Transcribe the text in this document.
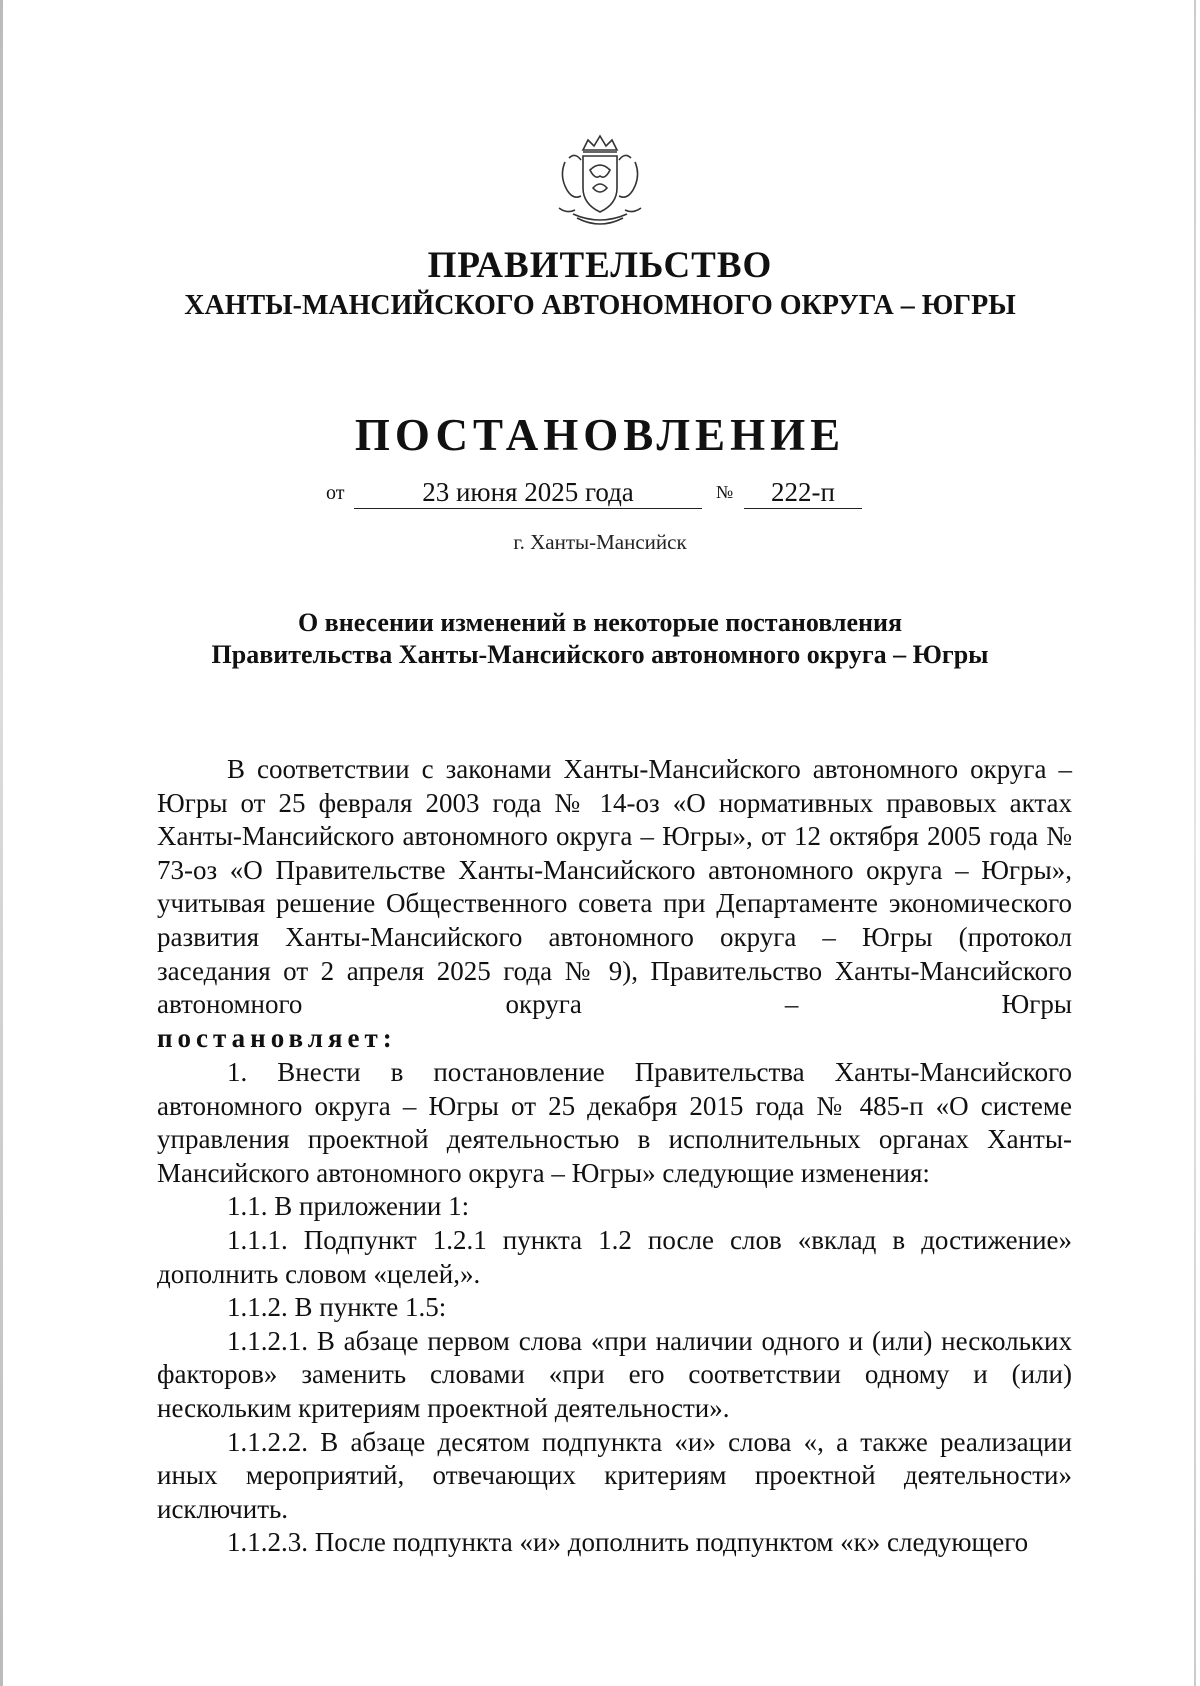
ПРАВИТЕЛЬСТВО
ХАНТЫ-МАНСИЙСКОГО АВТОНОМНОГО ОКРУГА – ЮГРЫ
ПОСТАНОВЛЕНИЕ
от	23 июня 2025 года	№	222-п
г. Ханты-Мансийск
О внесении изменений в некоторые постановления
Правительства Ханты-Мансийского автономного округа – Югры

В соответствии с законами Ханты-Мансийского автономного округа – Югры от 25 февраля 2003 года № 14-оз «О нормативных правовых актах Ханты-Мансийского автономного округа – Югры», от 12 октября 2005 года № 73-оз «О Правительстве Ханты-Мансийского автономного округа – Югры», учитывая решение Общественного совета при Департаменте экономического развития Ханты-Мансийского автономного округа – Югры (протокол заседания от 2 апреля 2025 года № 9), Правительство Ханты-Мансийского автономного округа – Югры

постановляет:

1. Внести в постановление Правительства Ханты-Мансийского автономного округа – Югры от 25 декабря 2015 года № 485-п «О системе управления проектной деятельностью в исполнительных органах Ханты-Мансийского автономного округа – Югры» следующие изменения:

1.1. В приложении 1:

1.1.1. Подпункт 1.2.1 пункта 1.2 после слов «вклад в достижение» дополнить словом «целей,».

1.1.2. В пункте 1.5:

1.1.2.1. В абзаце первом слова «при наличии одного и (или) нескольких факторов» заменить словами «при его соответствии одному и (или) нескольким критериям проектной деятельности».

1.1.2.2. В абзаце десятом подпункта «и» слова «, а также реализации иных мероприятий, отвечающих критериям проектной деятельности» исключить.

1.1.2.3. После подпункта «и» дополнить подпунктом «к» следующего
